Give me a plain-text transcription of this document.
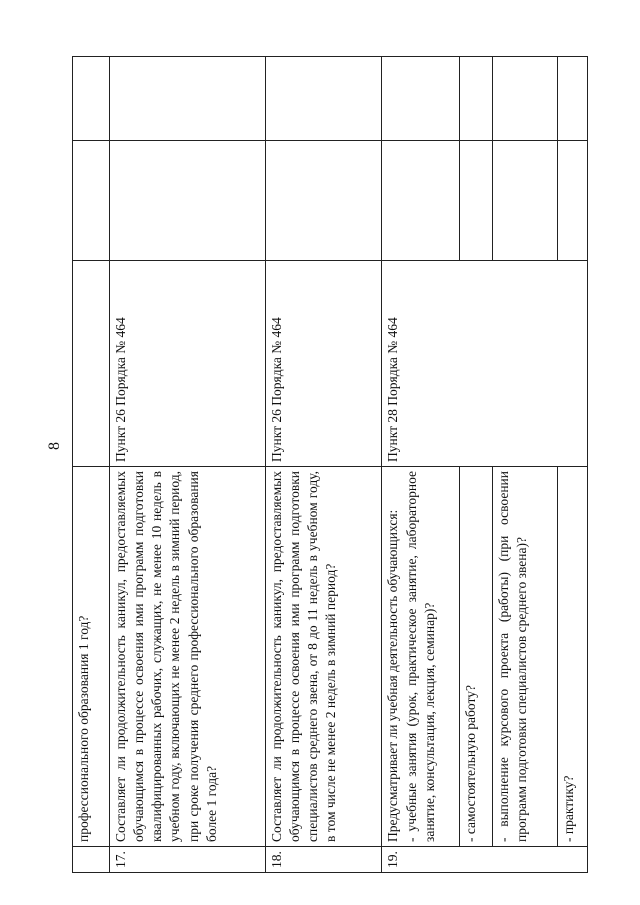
8
	профессионального образования 1 год?			
17.	Составляет ли продолжительность каникул, предоставляемых обучающимся в процессе освоения ими программ подготовки квалифицированных рабочих, служащих, не менее 10 недель в учебном году, включающих не менее 2 недель в зимний период, при сроке получения среднего профессионального образования более 1 года?	Пункт 26 Порядка № 464		
18.	Составляет ли продолжительность каникул, предоставляемых обучающимся в процессе освоения ими программ подготовки специалистов среднего звена, от 8 до 11 недель в учебном году, в том числе не менее 2 недель в зимний период?	Пункт 26 Порядка № 464		
19.	Предусматривает ли учебная деятельность обучающихся: - учебные занятия (урок, практическое занятие, лабораторное занятие, консультация, лекция, семинар)?	Пункт 28 Порядка № 464		
	- самостоятельную работу?			
	- выполнение курсового проекта (работы) (при освоении программ подготовки специалистов среднего звена)?			
	- практику?			
